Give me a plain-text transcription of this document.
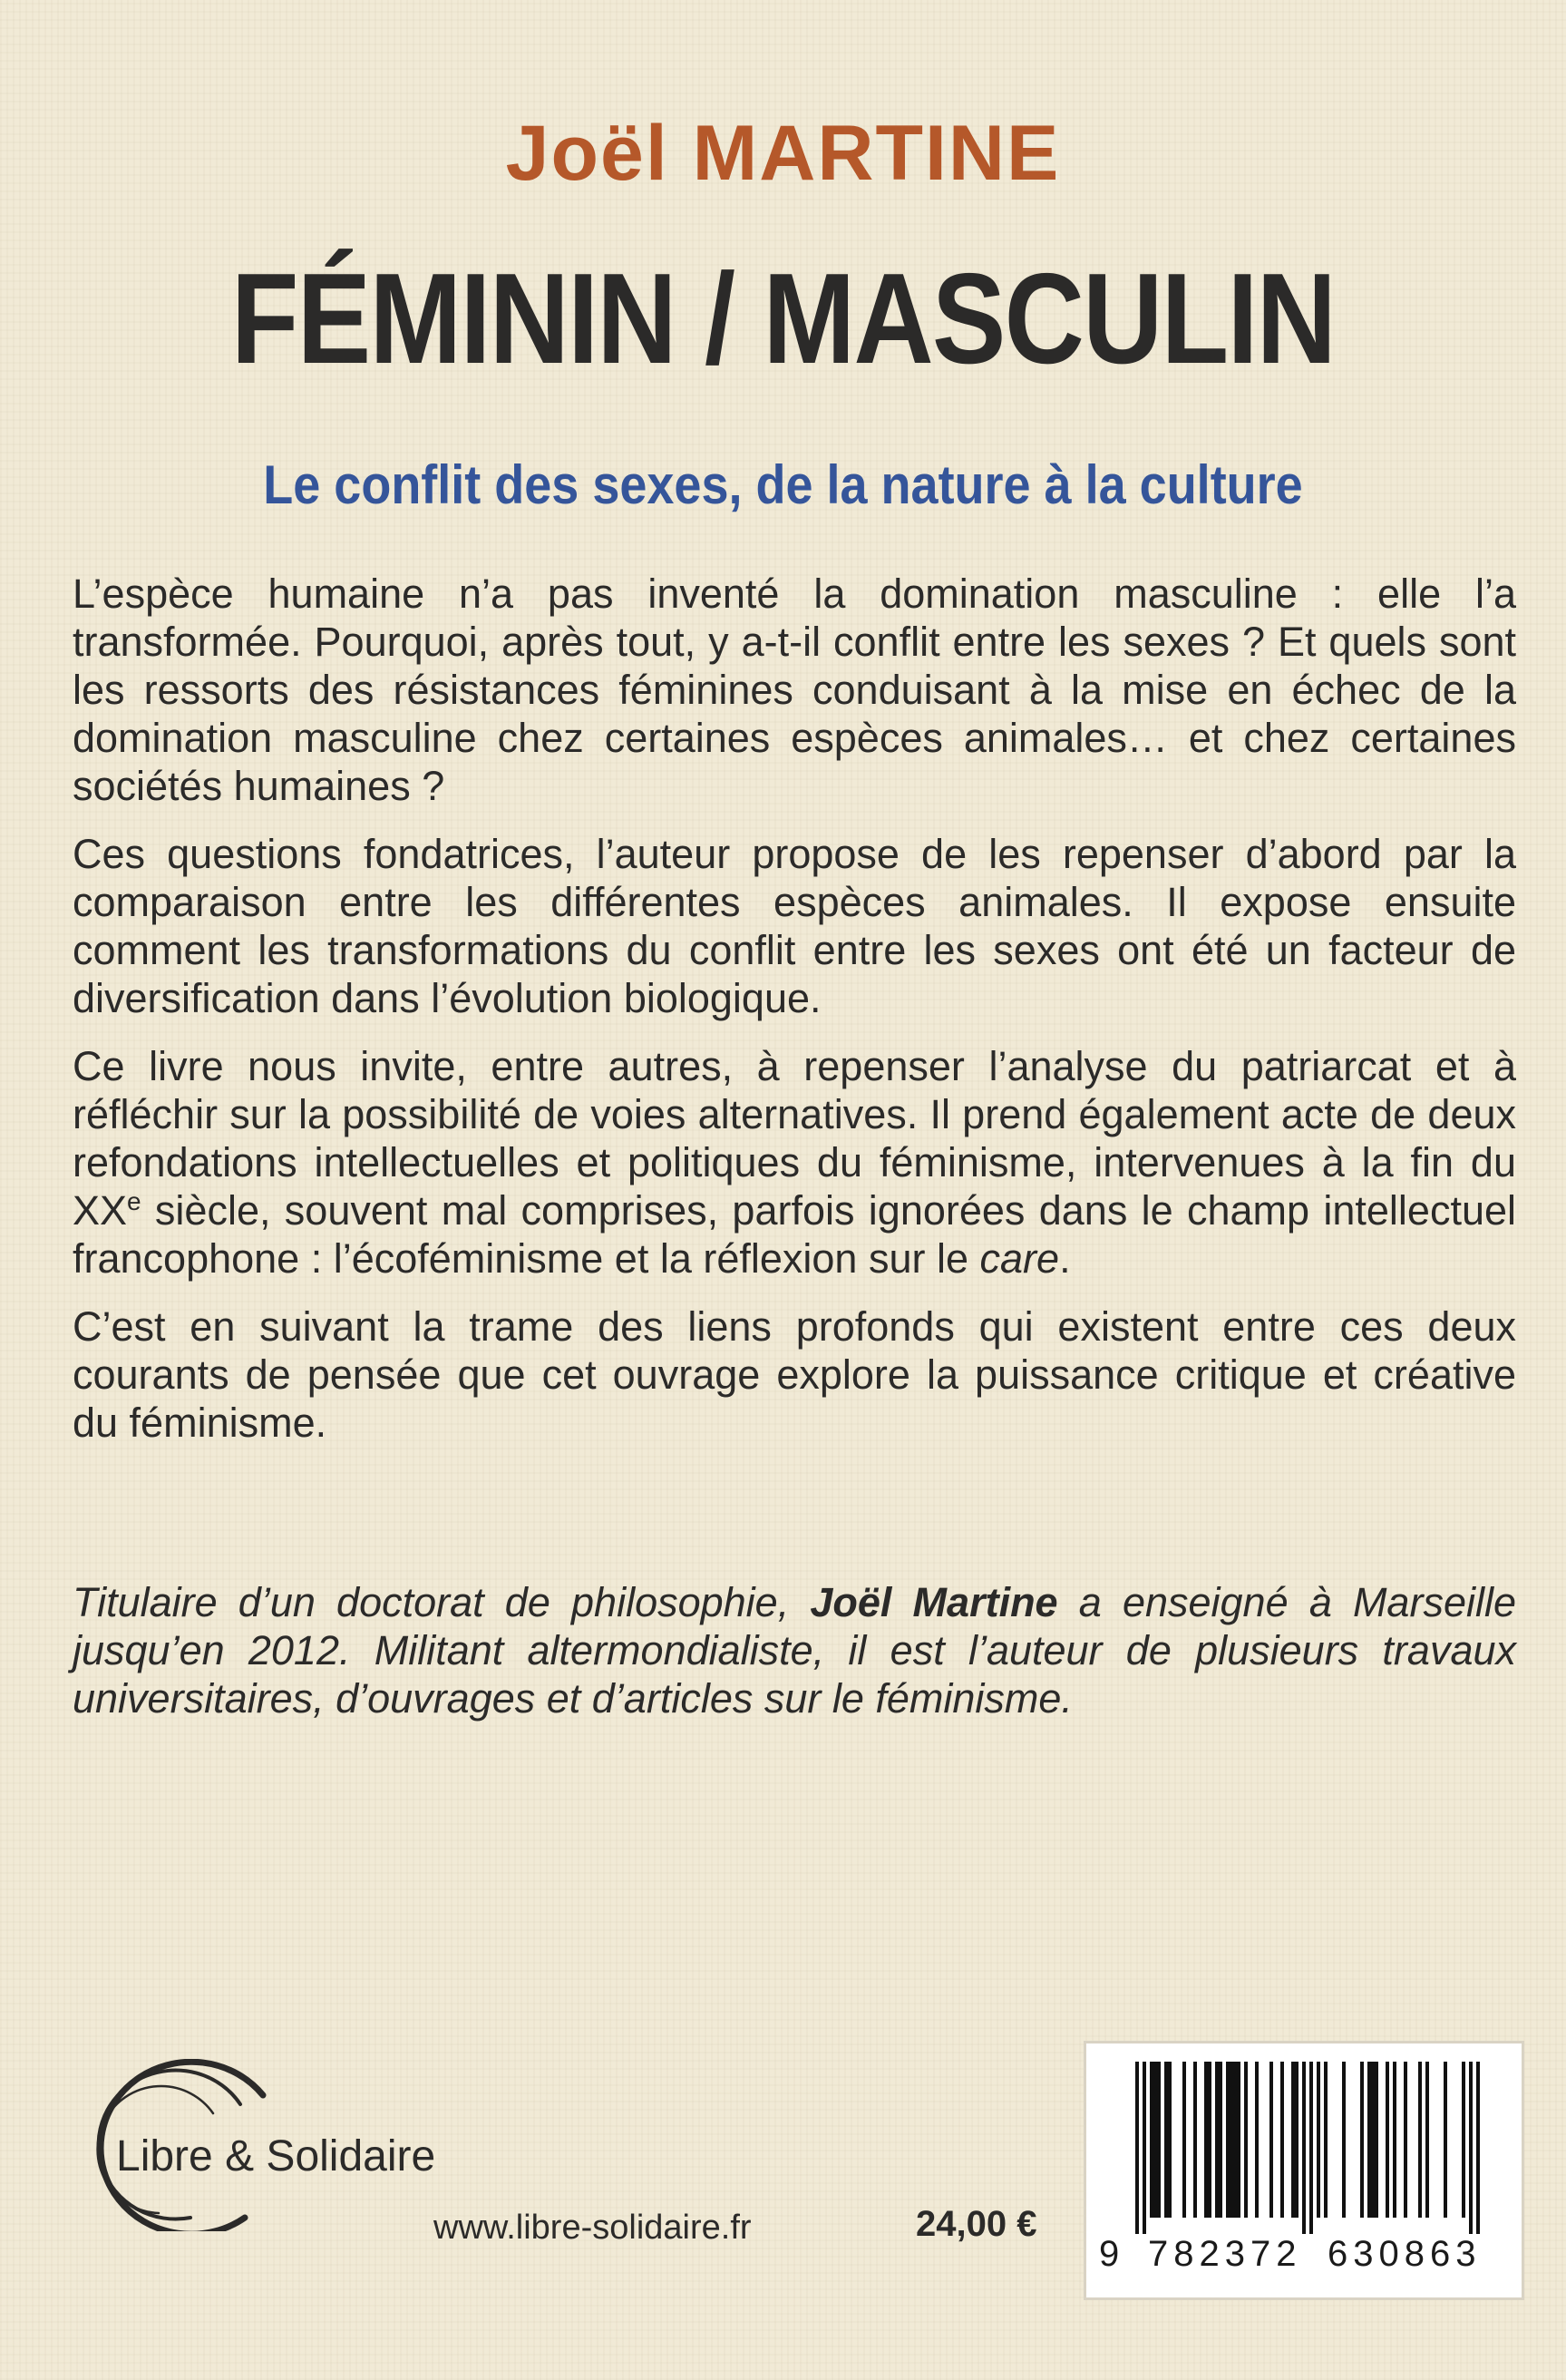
Joël MARTINE
FÉMININ / MASCULIN
Le conflit des sexes, de la nature à la culture

L’espèce humaine n’a pas inventé la domination masculine : elle l’a transformée. Pourquoi, après tout, y a-t-il conflit entre les sexes ? Et quels sont les ressorts des résistances féminines conduisant à la mise en échec de la domination masculine chez certaines espèces animales… et chez certaines sociétés humaines ?

Ces questions fondatrices, l’auteur propose de les repenser d’abord par la comparaison entre les différentes espèces animales. Il expose ensuite comment les transformations du conflit entre les sexes ont été un facteur de diversification dans l’évolution biologique.

Ce livre nous invite, entre autres, à repenser l’analyse du patriarcat et à réfléchir sur la possibilité de voies alternatives. Il prend également acte de deux refondations intellectuelles et politiques du féminisme, intervenues à la fin du XXe siècle, souvent mal comprises, parfois ignorées dans le champ intellectuel francophone : l’écoféminisme et la réflexion sur le care.

C’est en suivant la trame des liens profonds qui existent entre ces deux courants de pensée que cet ouvrage explore la puissance critique et créative du féminisme.

Titulaire d’un doctorat de philosophie, Joël Martine a enseigné à Marseille jusqu’en 2012. Militant altermondialiste, il est l’auteur de plusieurs travaux universitaires, d’ouvrages et d’articles sur le féminisme.
Libre & Solidaire
www.libre-solidaire.fr	24,00 €
9 782372 630863
